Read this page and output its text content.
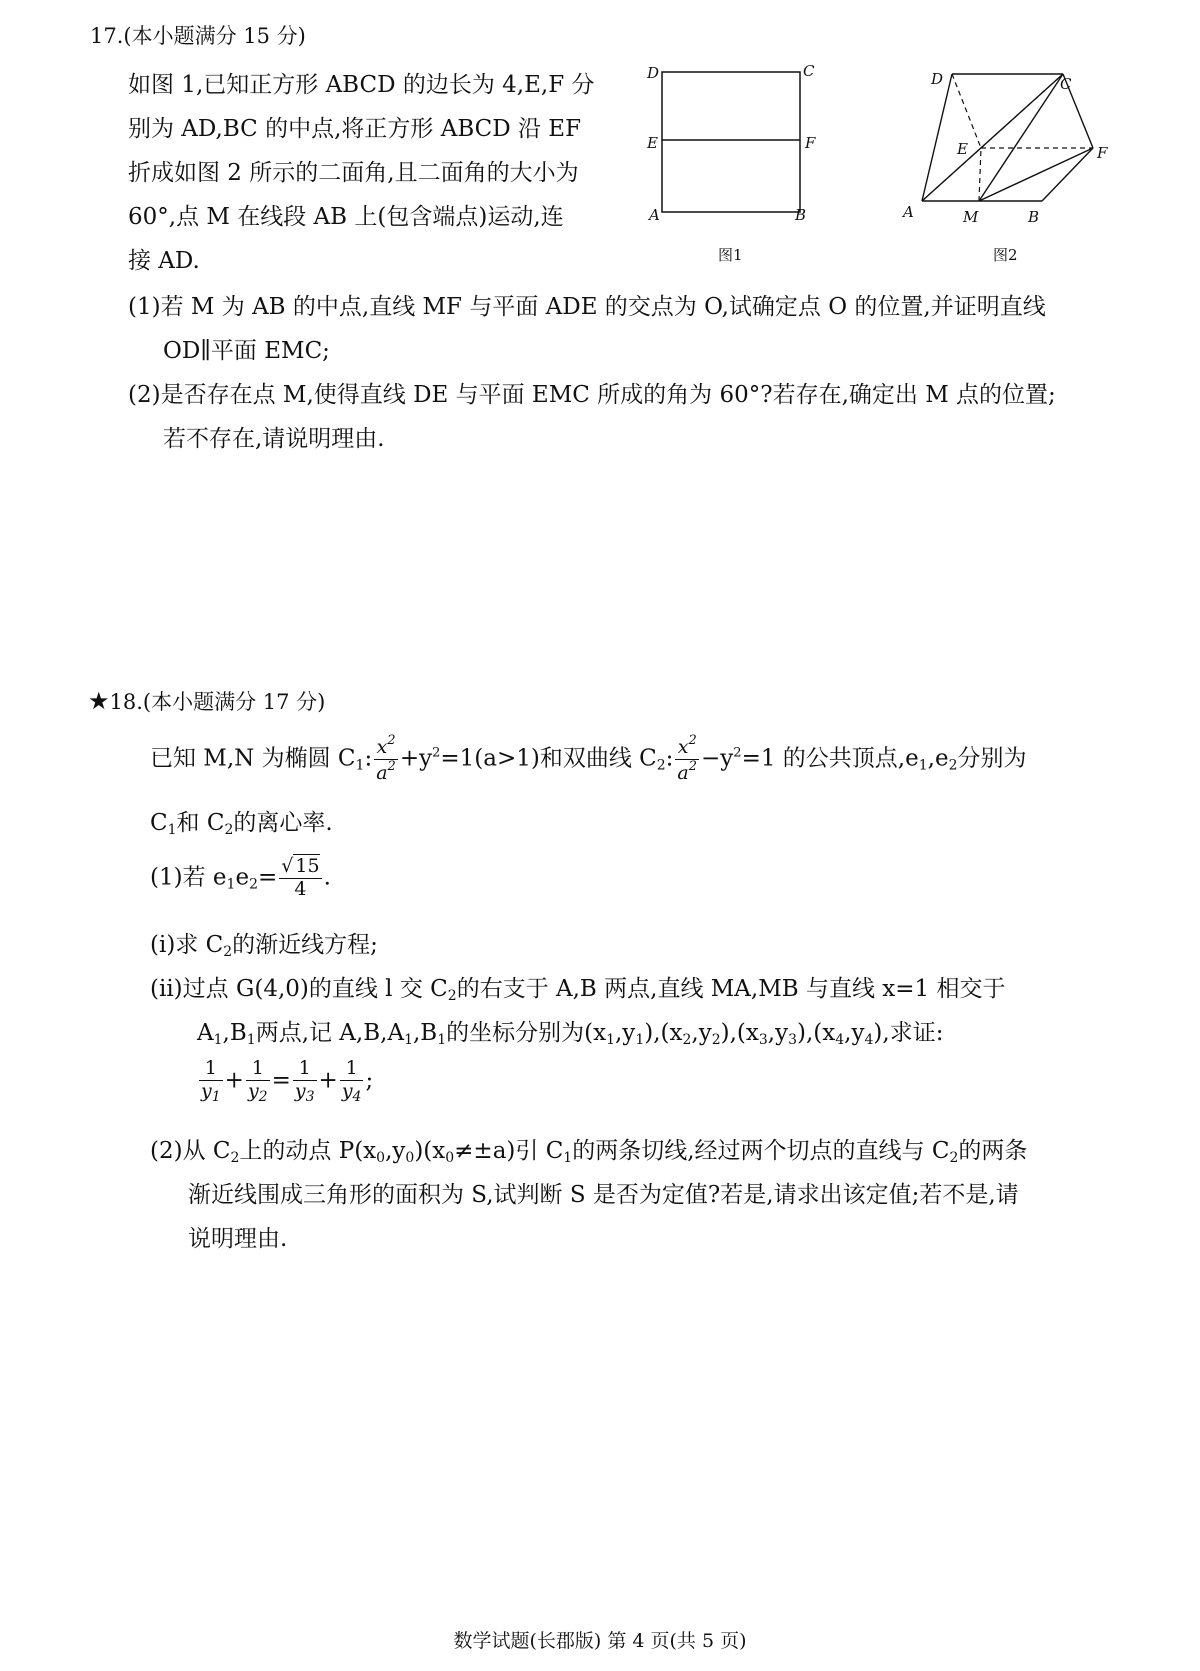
17.(本小题满分 15 分)
如图 1,已知正方形 ABCD 的边长为 4,E,F 分
别为 AD,BC 的中点,将正方形 ABCD 沿 EF
折成如图 2 所示的二面角,且二面角的大小为
60°,点 M 在线段 AB 上(包含端点)运动,连
接 AD.
D	C
E	F
A	B
图1
D	C
E	F
A	M	B
图2
(1)若 M 为 AB 的中点,直线 MF 与平面 ADE 的交点为 O,试确定点 O 的位置,并证明直线
OD∥平面 EMC;
(2)是否存在点 M,使得直线 DE 与平面 EMC 所成的角为 60°?若存在,确定出 M 点的位置;
若不存在,请说明理由.
★18.(本小题满分 17 分)
已知 M,N 为椭圆 $C_1$: $\frac{x^2}{a^2} +y^2=1(a>1)$和双曲线 $C_2$: $\frac{x^2}{a^2} -y^2=1$ 的公共顶点$,e_1,e_2$分别为
$C_1$和 $C_2$的离心率.
(1)若 $e_1e_2= \frac{√ 15}{4}$ .
(ⅰ)求 $C_2$的渐近线方程;
(ⅱ)过点 G(4,0)的直线 l 交 $C_2$的右支于 A,B 两点,直线 MA,MB 与直线 x=1 相交于
$A_1,B_1$两点,记 $A,B,A_1,B_1$的坐标分别为$(x_1,y_1),(x_2,y_2),(x_3,y_3),(x_4,y_4)$,求证:
$\frac{1}{y_1} + \frac{1}{y_2} = \frac{1}{y_3} + \frac{1}{y_4}$ ;
(2)从 $C_2$上的动点 $P(x_0,y_0)(x_0\ne\pm a)$引 $C_1$的两条切线,经过两个切点的直线与 $C_2$的两条
渐近线围成三角形的面积为 S,试判断 S 是否为定值?若是,请求出该定值;若不是,请
说明理由.
数学试题(长郡版) 第 4 页(共 5 页)
